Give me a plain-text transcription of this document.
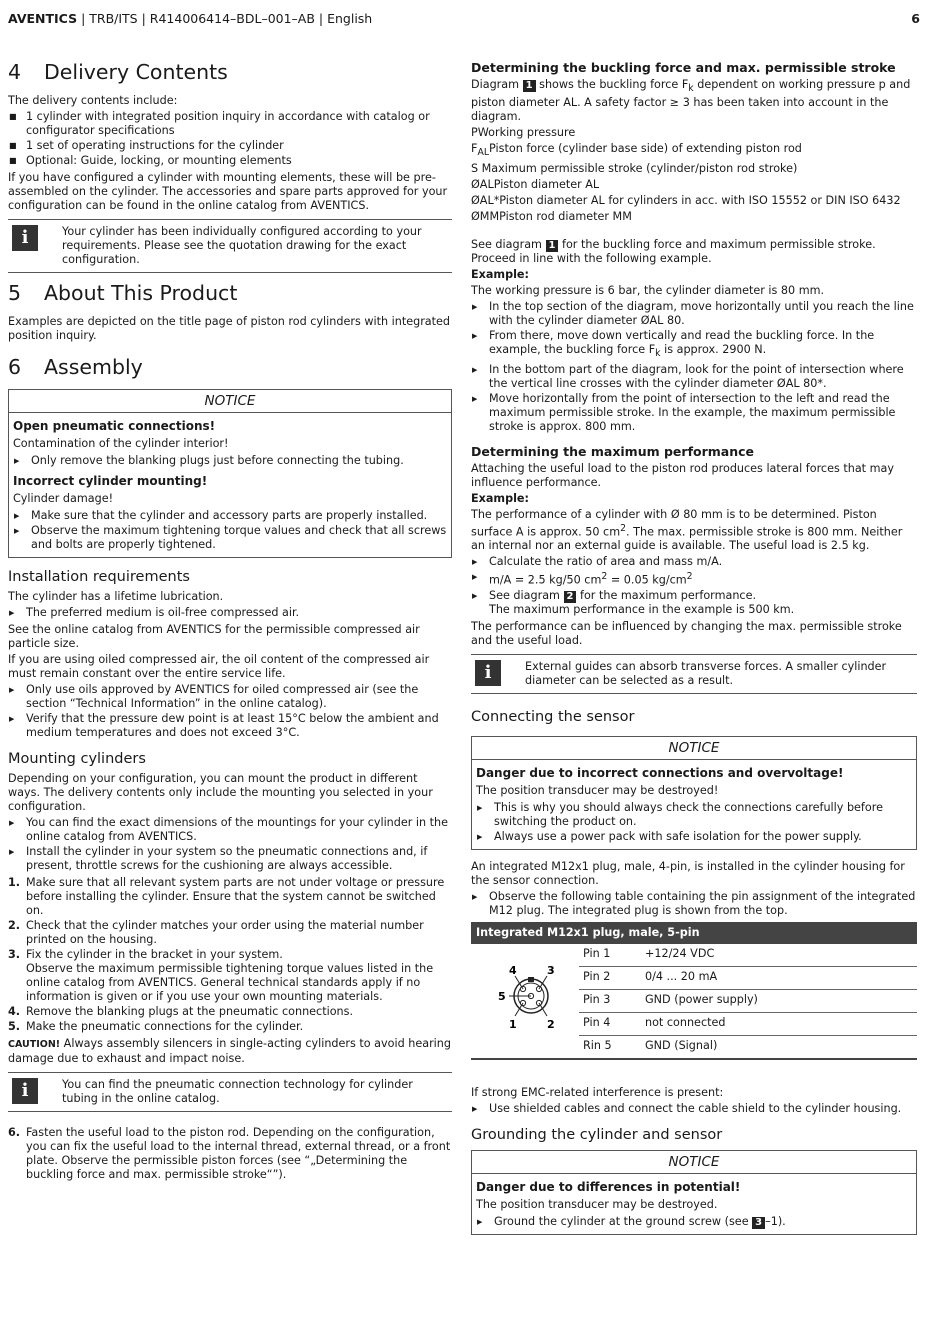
AVENTICS | TRB/ITS | R414006414–BDL–001–AB | English	6
4 Delivery Contents

The delivery contents include:

■ 1 cylinder with integrated position inquiry in accordance with catalog or configurator specifications
■ 1 set of operating instructions for the cylinder
■ Optional: Guide, locking, or mounting elements

If you have configured a cylinder with mounting elements, these will be pre-assembled on the cylinder. The accessories and spare parts approved for your configuration can be found in the online catalog from AVENTICS.

i	Your cylinder has been individually configured according to your requirements. Please see the quotation drawing for the exact configuration.
5 About This Product

Examples are depicted on the title page of piston rod cylinders with integrated position inquiry.

6 Assembly
NOTICE
Open pneumatic connections!

Contamination of the cylinder interior!

▶ Only remove the blanking plugs just before connecting the tubing.
Incorrect cylinder mounting!

Cylinder damage!

▶ Make sure that the cylinder and accessory parts are properly installed.
▶ Observe the maximum tightening torque values and check that all screws and bolts are properly tightened.
Installation requirements

The cylinder has a lifetime lubrication.

▶ The preferred medium is oil-free compressed air.

See the online catalog from AVENTICS for the permissible compressed air particle size.

If you are using oiled compressed air, the oil content of the compressed air must remain constant over the entire service life.

▶ Only use oils approved by AVENTICS for oiled compressed air (see the section “Technical Information” in the online catalog).
▶ Verify that the pressure dew point is at least 15°C below the ambient and medium temperatures and does not exceed 3°C.
Mounting cylinders

Depending on your configuration, you can mount the product in different ways. The delivery contents only include the mounting you selected in your configuration.

▶ You can find the exact dimensions of the mountings for your cylinder in the online catalog from AVENTICS.
▶ Install the cylinder in your system so the pneumatic connections and, if present, throttle screws for the cushioning are always accessible.
1. Make sure that all relevant system parts are not under voltage or pressure before installing the cylinder. Ensure that the system cannot be switched on.
2. Check that the cylinder matches your order using the material number printed on the housing.
3. Fix the cylinder in the bracket in your system.
Observe the maximum permissible tightening torque values listed in the online catalog from AVENTICS. General technical standards apply if no information is given or if you use your own mounting materials.
4. Remove the blanking plugs at the pneumatic connections.
5. Make the pneumatic connections for the cylinder.

CAUTION! Always assembly silencers in single-acting cylinders to avoid hearing damage due to exhaust and impact noise.

i	You can find the pneumatic connection technology for cylinder tubing in the online catalog.
6. Fasten the useful load to the piston rod. Depending on the configuration, you can fix the useful load to the internal thread, external thread, or a front plate. Observe the permissible piston forces (see “„Determining the buckling force and max. permissible stroke“”).
Determining the buckling force and max. permissible stroke

Diagram 1 shows the buckling force $F_k$ dependent on working pressure p and piston diameter AL. A safety factor ≥ 3 has been taken into account in the diagram.

PWorking pressure

$F_{AL}Piston$ force (cylinder base side) of extending piston rod

S Maximum permissible stroke (cylinder/piston rod stroke)

ØALPiston diameter AL

ØAL*Piston diameter AL for cylinders in acc. with ISO 15552 or DIN ISO 6432

ØMMPiston rod diameter MM

See diagram 1 for the buckling force and maximum permissible stroke. Proceed in line with the following example.

Example:

The working pressure is 6 bar, the cylinder diameter is 80 mm.

▶ In the top section of the diagram, move horizontally until you reach the line with the cylinder diameter ØAL 80.
▶ From there, move down vertically and read the buckling force. In the example, the buckling force $F_k$ is approx. 2900 N.
▶ In the bottom part of the diagram, look for the point of intersection where the vertical line crosses with the cylinder diameter ØAL 80*.
▶ Move horizontally from the point of intersection to the left and read the maximum permissible stroke. In the example, the maximum permissible stroke is approx. 800 mm.
Determining the maximum performance

Attaching the useful load to the piston rod produces lateral forces that may influence performance.

Example:

The performance of a cylinder with Ø 80 mm is to be determined. Piston surface A is approx. 50 $cm^2$. The max. permissible stroke is 800 mm. Neither an internal nor an external guide is available. The useful load is 2.5 kg.

▶ Calculate the ratio of area and mass m/A.
▶ m/A = 2.5 kg/50 $cm^2 = 0.05$ $kg/cm^2$
▶ See diagram 2 for the maximum performance.
The maximum performance in the example is 500 km.

The performance can be influenced by changing the max. permissible stroke and the useful load.

i	External guides can absorb transverse forces. A smaller cylinder diameter can be selected as a result.
Connecting the sensor
NOTICE
Danger due to incorrect connections and overvoltage!

The position transducer may be destroyed!

▶ This is why you should always check the connections carefully before switching the product on.
▶ Always use a power pack with safe isolation for the power supply.

An integrated M12x1 plug, male, 4-pin, is installed in the cylinder housing for the sensor connection.

▶ Observe the following table containing the pin assignment of the integrated M12 plug. The integrated plug is shown from the top.
Integrated M12x1 plug, male, 5-pin
4	3
5
1	2
Pin 1	+12/24 VDC
Pin 2	0/4 ... 20 mA
Pin 3	GND (power supply)
Pin 4	not connected
Rin 5	GND (Signal)

If strong EMC-related interference is present:

▶ Use shielded cables and connect the cable shield to the cylinder housing.
Grounding the cylinder and sensor
NOTICE
Danger due to differences in potential!

The position transducer may be destroyed.

▶ Ground the cylinder at the ground screw (see 3 –1).
